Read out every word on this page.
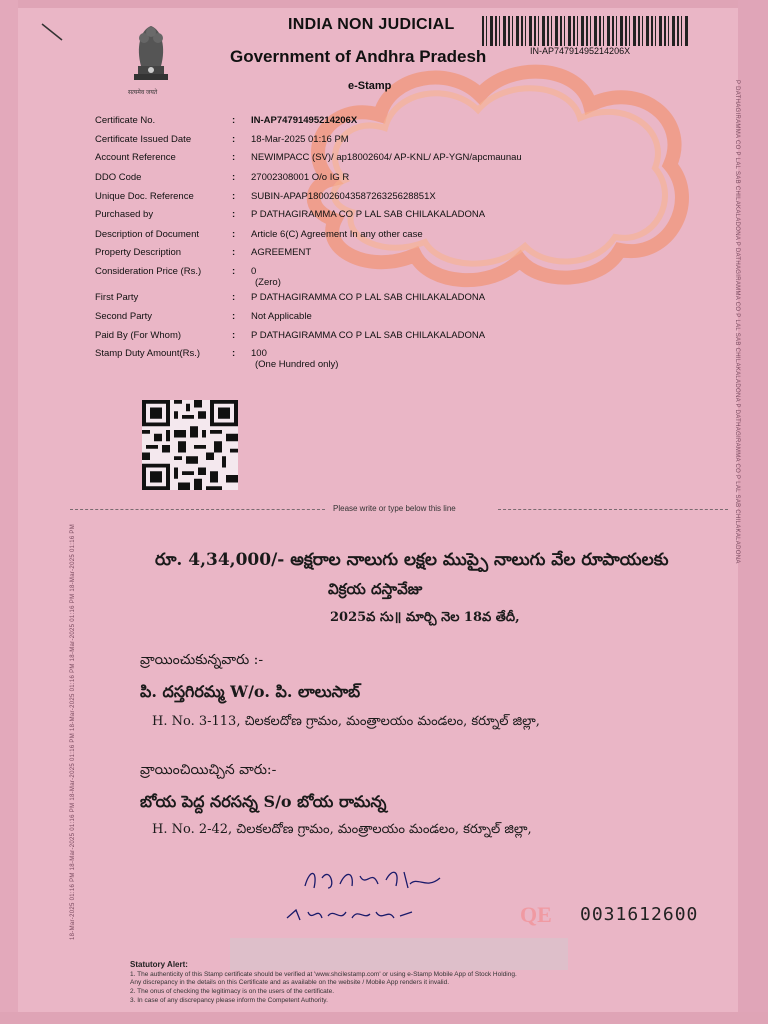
18-Mar-2025 01:16 PM 18-Mar-2025 01:16 PM 18-Mar-2025 01:16 PM 18-Mar-2025 01:16 PM 18-Mar-2025 01:16 PM 18-Mar-2025 01:16 PM
P DATHAGIRAMMA CO P LAL SAB CHILAKALADONA P DATHAGIRAMMA CO P LAL SAB CHILAKALADONA P DATHAGIRAMMA CO P LAL SAB CHILAKALADONA
सत्यमेव जयते
INDIA NON JUDICIAL
Government of Andhra Pradesh
e-Stamp
IN-AP74791495214206X
Certificate No.	: IN-AP74791495214206X
Certificate Issued Date	: 18-Mar-2025 01:16 PM
Account Reference	: NEWIMPACC (SV)/ ap18002604/ AP-KNL/ AP-YGN/apcmaunau
DDO Code	: 27002308001 O/o IG R
Unique Doc. Reference	: SUBIN-APAP18002604358726325628851X
Purchased by	: P DATHAGIRAMMA CO P LAL SAB CHILAKALADONA
Description of Document	: Article 6(C) Agreement In any other case
Property Description	: AGREEMENT
Consideration Price (Rs.)	: 0
(Zero)
First Party	: P DATHAGIRAMMA CO P LAL SAB CHILAKALADONA
Second Party	: Not Applicable
Paid By (For Whom)	: P DATHAGIRAMMA CO P LAL SAB CHILAKALADONA
Stamp Duty Amount(Rs.)	: 100
(One Hundred only)
Please write or type below this line
రూ. 4,34,000/- అక్షరాల నాలుగు లక్షల ముప్పై నాలుగు వేల రూపాయలకు
విక్రయ దస్తావేజు
2025వ సు॥ మార్చి నెల 18వ తేదీ,
వ్రాయించుకున్నవారు :-
పి. దస్తగిరమ్మ W/o. పి. లాలుసాబ్
H. No. 3-113, చిలకలదోణ గ్రామం, మంత్రాలయం మండలం, కర్నూల్ జిల్లా,
వ్రాయించియిచ్చిన వారు:-
బోయ పెద్ద నరసన్న S/o బోయ రామన్న
H. No. 2-42, చిలకలదోణ గ్రామం, మంత్రాలయం మండలం, కర్నూల్ జిల్లా,
QE 0031612600
Statutory Alert:
1. The authenticity of this Stamp certificate should be verified at 'www.shcilestamp.com' or using e-Stamp Mobile App of Stock Holding.
Any discrepancy in the details on this Certificate and as available on the website / Mobile App renders it invalid.
2. The onus of checking the legitimacy is on the users of the certificate.
3. In case of any discrepancy please inform the Competent Authority.
